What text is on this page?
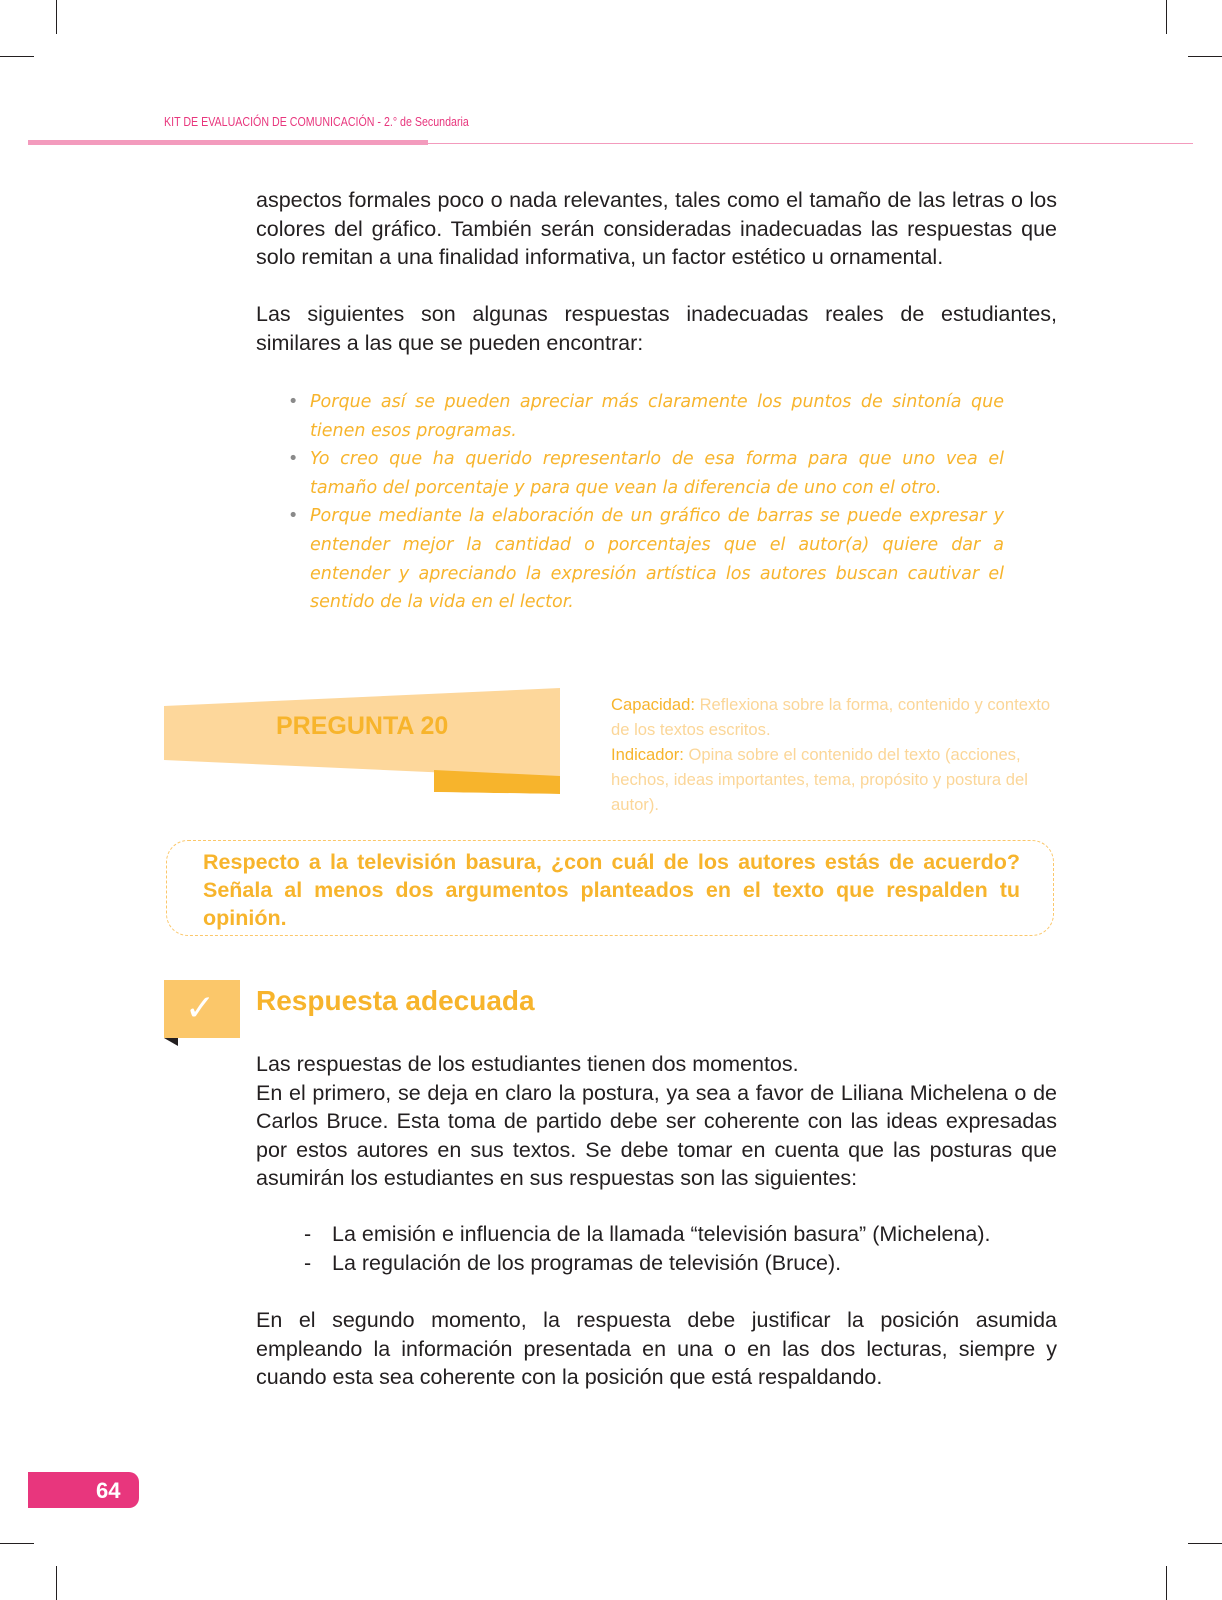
KIT DE EVALUACIÓN DE COMUNICACIÓN - 2.° de Secundaria

aspectos formales poco o nada relevantes, tales como el tamaño de las letras o los colores del gráfico. También serán consideradas inadecuadas las respuestas que solo remitan a una finalidad informativa, un factor estético u ornamental.

Las siguientes son algunas respuestas inadecuadas reales de estudiantes, similares a las que se pueden encontrar:

• Porque así se pueden apreciar más claramente los puntos de sintonía que tienen esos programas.
• Yo creo que ha querido representarlo de esa forma para que uno vea el tamaño del porcentaje y para que vean la diferencia de uno con el otro.
• Porque mediante la elaboración de un gráfico de barras se puede expresar y entender mejor la cantidad o porcentajes que el autor(a) quiere dar a entender y apreciando la expresión artística los autores buscan cautivar el sentido de la vida en el lector.
PREGUNTA 20
Capacidad: Reflexiona sobre la forma, contenido y contexto de los textos escritos.
Indicador: Opina sobre el contenido del texto (acciones, hechos, ideas importantes, tema, propósito y postura del autor).

Respecto a la televisión basura, ¿con cuál de los autores estás de acuerdo? Señala al menos dos argumentos planteados en el texto que respalden tu opinión.

✓ Respuesta adecuada

Las respuestas de los estudiantes tienen dos momentos.

En el primero, se deja en claro la postura, ya sea a favor de Liliana Michelena o de Carlos Bruce. Esta toma de partido debe ser coherente con las ideas expresadas por estos autores en sus textos. Se debe tomar en cuenta que las posturas que asumirán los estudiantes en sus respuestas son las siguientes:

- La emisión e influencia de la llamada “televisión basura” (Michelena).
- La regulación de los programas de televisión (Bruce).

En el segundo momento, la respuesta debe justificar la posición asumida empleando la información presentada en una o en las dos lecturas, siempre y cuando esta sea coherente con la posición que está respaldando.

64
